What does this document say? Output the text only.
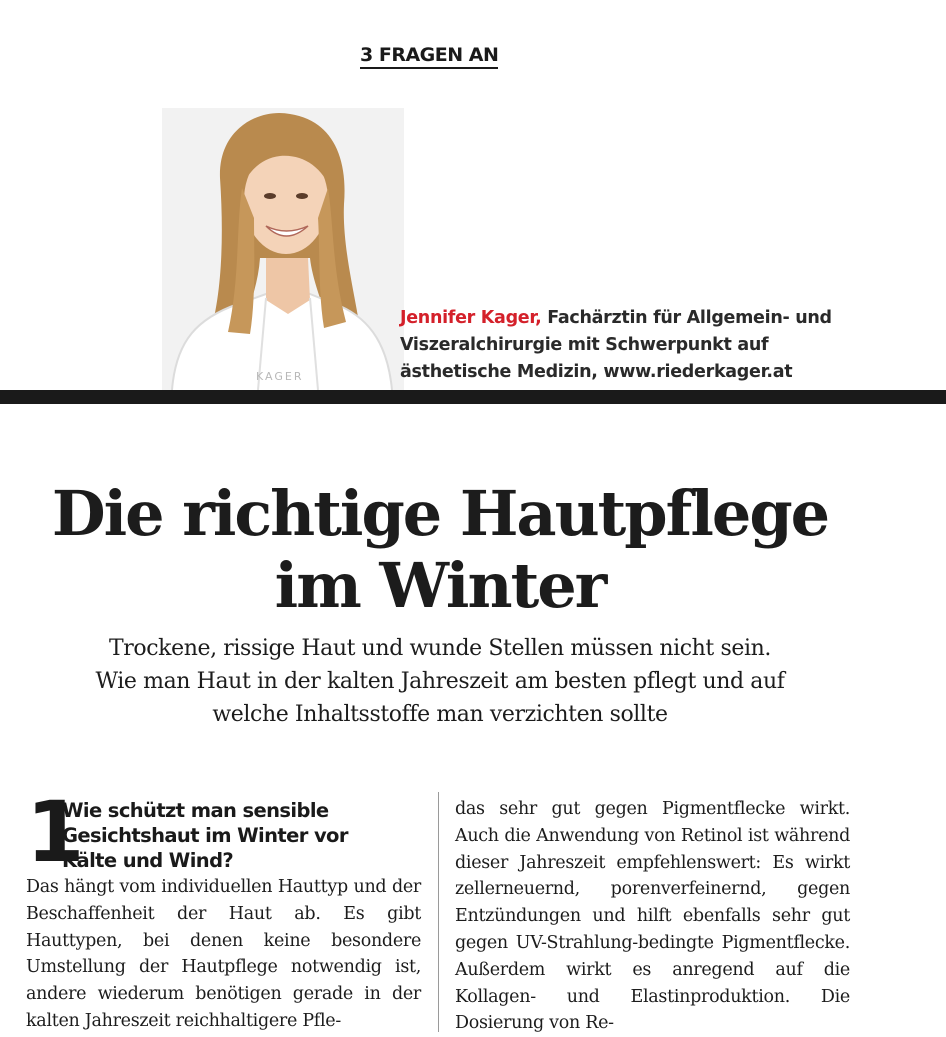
3 FRAGEN AN
KAGER
Jennifer Kager, Fachärztin für Allgemein- und
Viszeralchirurgie mit Schwerpunkt auf
ästhetische Medizin, www.riederkager.at
Die richtige Hautpflege
im Winter
Trockene, rissige Haut und wunde Stellen müssen nicht sein.
Wie man Haut in der kalten Jahreszeit am besten pflegt und auf
welche Inhaltsstoffe man verzichten sollte
1
Wie schützt man sensible
Gesichtshaut im Winter vor
Kälte und Wind?

Das hängt vom individuellen Hauttyp und der Beschaffenheit der Haut ab. Es gibt Hauttypen, bei denen keine besondere Umstellung der Hautpflege notwendig ist, andere wiederum benötigen gerade in der kalten Jahreszeit reichhaltigere Pfle-

das sehr gut gegen Pigmentflecke wirkt. Auch die Anwendung von Retinol ist während dieser Jahreszeit empfehlenswert: Es wirkt zellerneuernd, porenverfeinernd, gegen Entzündungen und hilft ebenfalls sehr gut gegen UV-Strahlung-bedingte Pigmentflecke. Außerdem wirkt es anregend auf die Kollagen- und Elastinproduktion. Die Dosierung von Re-
